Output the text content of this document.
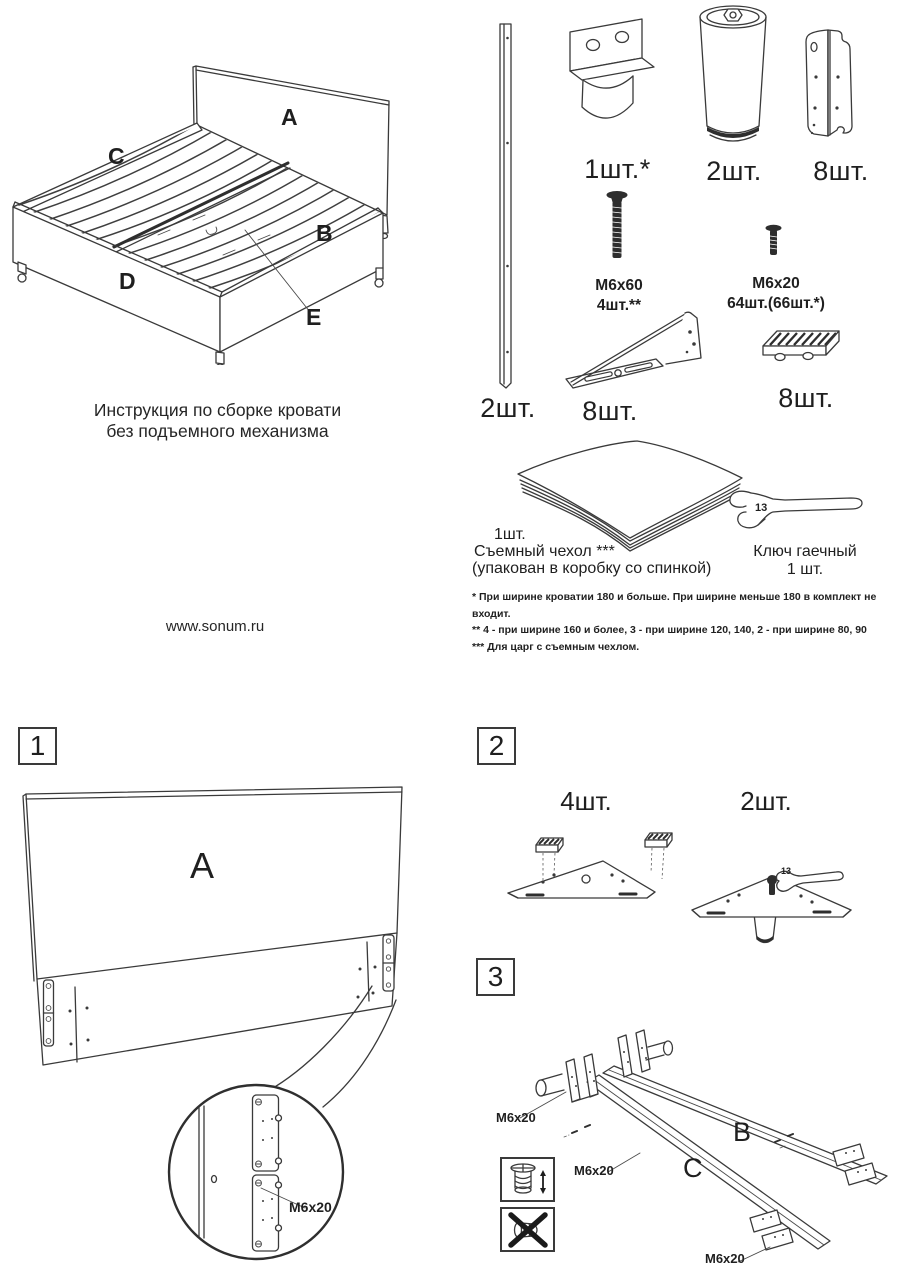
A
C
B
D
E
Инструкция по сборке кровати
без подъемного механизма
www.sonum.ru
1шт.*	2шт.	8шт.
M6x60
4шт.**
M6x20
64шт.(66шт.*)
2шт.	8шт.	8шт.
1шт.
Съемный чехол ***
(упакован в коробку со спинкой)
13
Ключ гаечный
1 шт.
* При ширине кроватии 180 и больше. При ширине меньше 180 в комплект не входит.
** 4 - при ширине 160 и более, 3 - при ширине 120, 140, 2 - при ширине 80, 90
*** Для царг с съемным чехлом.
1
A
M6x20
2
4шт.	2шт.
13
3
B
C
M6x20
M6x20
M6x20
